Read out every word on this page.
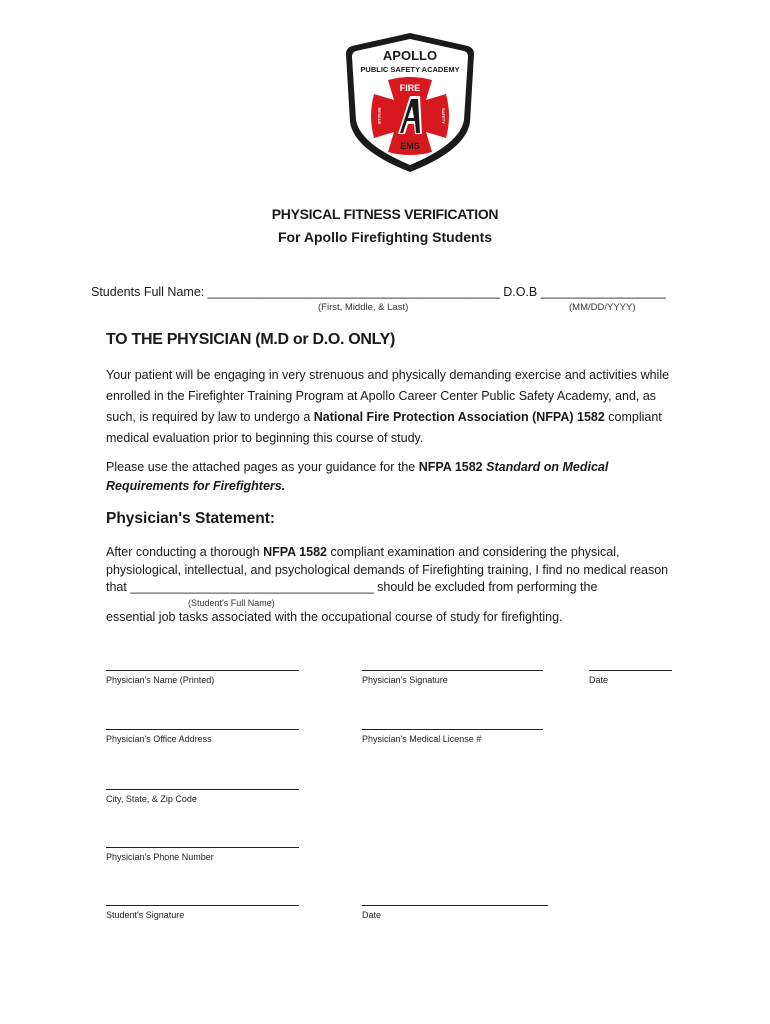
APOLLO
PUBLIC SAFETY ACADEMY
FIRE
EMS
RESCUE	SAFETY
PHYSICAL FITNESS VERIFICATION
For Apollo Firefighting Students
Students Full Name: __________________________________________ D.O.B __________________
(First, Middle, & Last)	(MM/DD/YYYY)
TO THE PHYSICIAN (M.D or D.O. ONLY)
Your patient will be engaging in very strenuous and physically demanding exercise and activities while enrolled in the Firefighter Training Program at Apollo Career Center Public Safety Academy, and, as such, is required by law to undergo a National Fire Protection Association (NFPA) 1582 compliant medical evaluation prior to beginning this course of study.
Please use the attached pages as your guidance for the NFPA 1582 Standard on Medical Requirements for Firefighters.
Physician's Statement:
After conducting a thorough NFPA 1582 compliant examination and considering the physical, physiological, intellectual, and psychological demands of Firefighting training, I find no medical reason that ___________________________________ should be excluded from performing the
(Student's Full Name)
essential job tasks associated with the occupational course of study for firefighting.
Physician's Name (Printed)	Physician's Signature	Date
Physician's Office Address	Physician's Medical License #
City, State, & Zip Code
Physician's Phone Number
Student's Signature	Date
